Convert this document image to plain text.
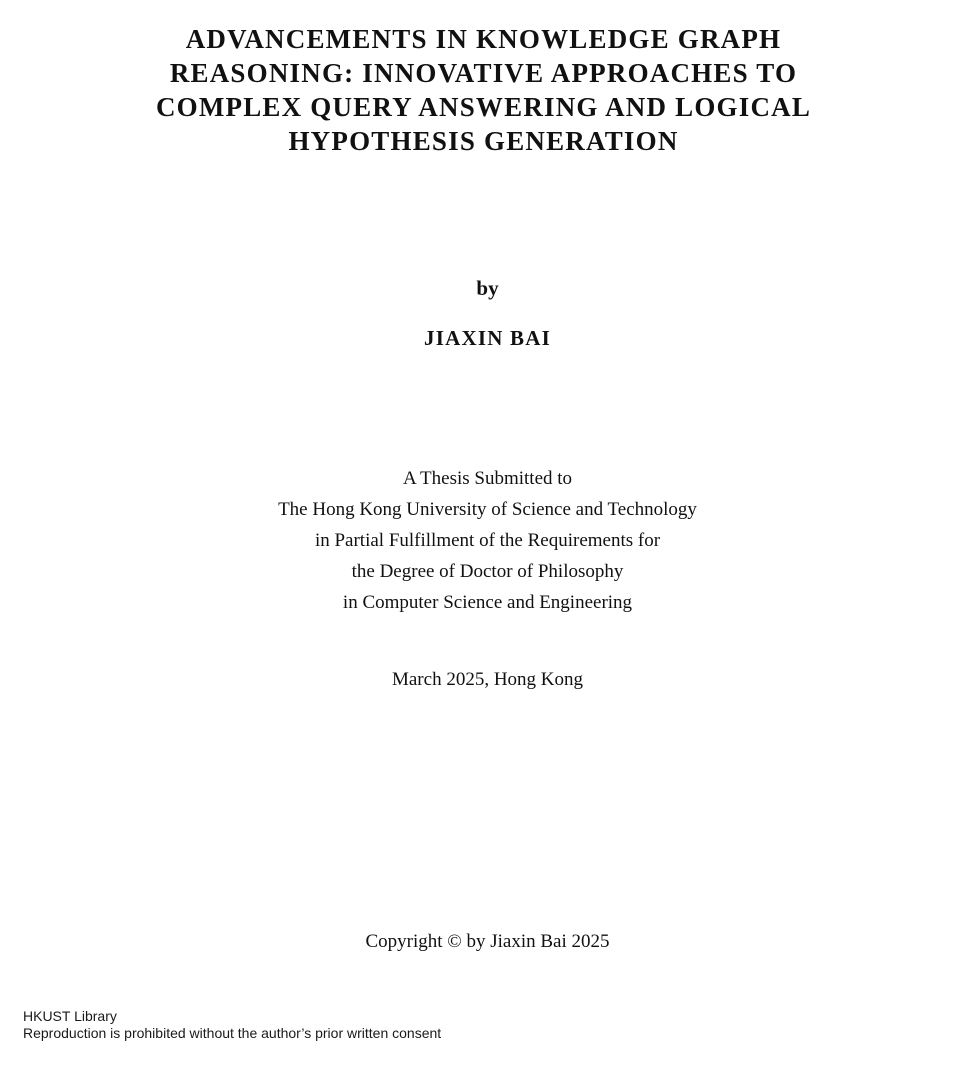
ADVANCEMENTS IN KNOWLEDGE GRAPH
REASONING: INNOVATIVE APPROACHES TO
COMPLEX QUERY ANSWERING AND LOGICAL
HYPOTHESIS GENERATION
by
JIAXIN BAI
A Thesis Submitted to
The Hong Kong University of Science and Technology
in Partial Fulfillment of the Requirements for
the Degree of Doctor of Philosophy
in Computer Science and Engineering
March 2025, Hong Kong
Copyright © by Jiaxin Bai 2025
HKUST Library
Reproduction is prohibited without the author’s prior written consent
